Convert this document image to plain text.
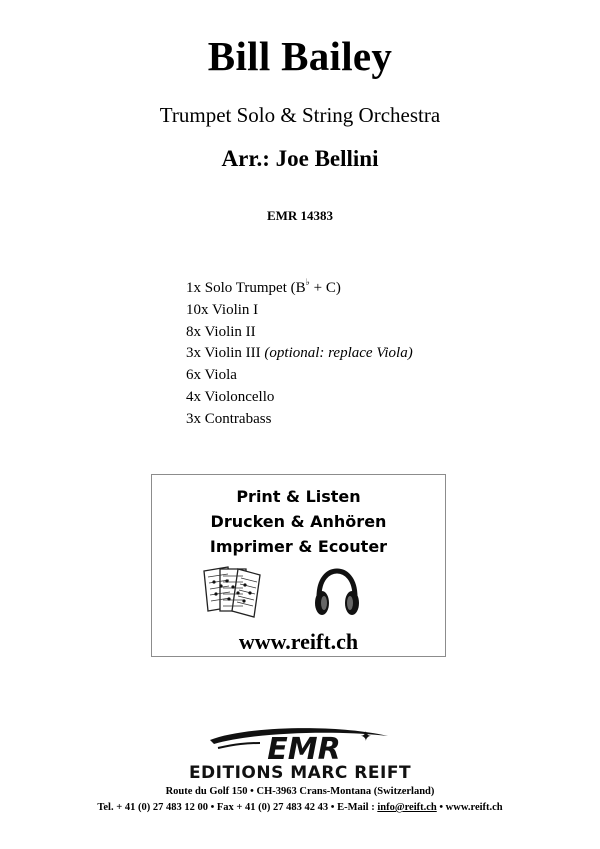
Bill Bailey
Trumpet Solo & String Orchestra
Arr.: Joe Bellini
EMR 14383
1x Solo Trumpet (B♭ + C)
10x Violin I
8x Violin II
3x Violin III (optional: replace Viola)
6x Viola
4x Violoncello
3x Contrabass
Print & Listen
Drucken & Anhören
Imprimer & Ecouter
www.reift.ch
EMR ✦
EDITIONS MARC REIFT
Route du Golf 150 • CH-3963 Crans-Montana (Switzerland)
Tel. + 41 (0) 27 483 12 00 • Fax + 41 (0) 27 483 42 43 • E-Mail : info@reift.ch • www.reift.ch
